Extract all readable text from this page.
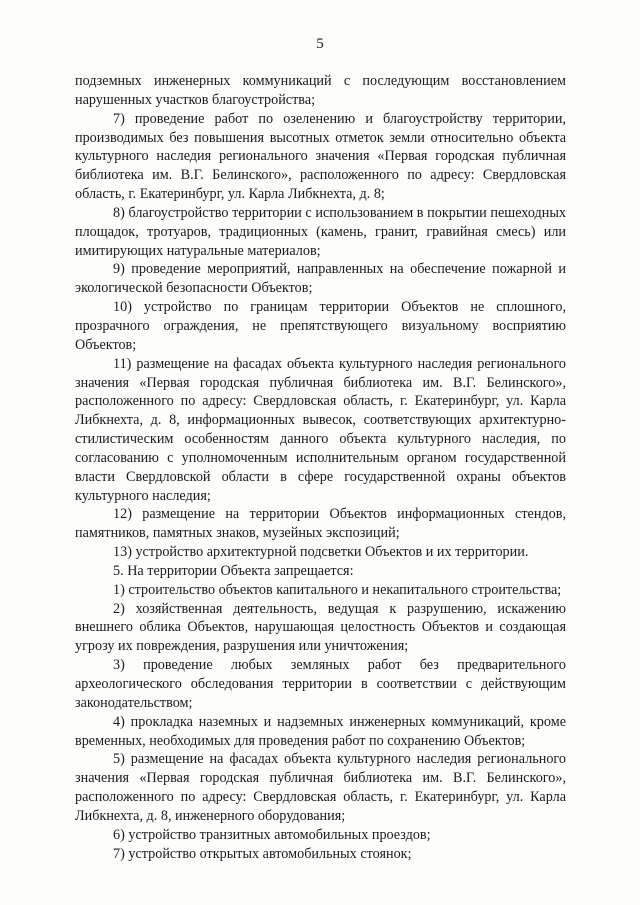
5

подземных инженерных коммуникаций с последующим восстановлением нарушенных участков благоустройства;

7) проведение работ по озеленению и благоустройству территории, производимых без повышения высотных отметок земли относительно объекта культурного наследия регионального значения «Первая городская публичная библиотека им. В.Г. Белинского», расположенного по адресу: Свердловская область, г. Екатеринбург, ул. Карла Либкнехта, д. 8;

8) благоустройство территории с использованием в покрытии пешеходных площадок, тротуаров, традиционных (камень, гранит, гравийная смесь) или имитирующих натуральные материалов;

9) проведение мероприятий, направленных на обеспечение пожарной и экологической безопасности Объектов;

10) устройство по границам территории Объектов не сплошного, прозрачного ограждения, не препятствующего визуальному восприятию Объектов;

11) размещение на фасадах объекта культурного наследия регионального значения «Первая городская публичная библиотека им. В.Г. Белинского», расположенного по адресу: Свердловская область, г. Екатеринбург, ул. Карла Либкнехта, д. 8, информационных вывесок, соответствующих архитектурно-стилистическим особенностям данного объекта культурного наследия, по согласованию с уполномоченным исполнительным органом государственной власти Свердловской области в сфере государственной охраны объектов культурного наследия;

12) размещение на территории Объектов информационных стендов, памятников, памятных знаков, музейных экспозиций;

13) устройство архитектурной подсветки Объектов и их территории.

5. На территории Объекта запрещается:

1) строительство объектов капитального и некапитального строительства;

2) хозяйственная деятельность, ведущая к разрушению, искажению внешнего облика Объектов, нарушающая целостность Объектов и создающая угрозу их повреждения, разрушения или уничтожения;

3) проведение любых земляных работ без предварительного археологического обследования территории в соответствии с действующим законодательством;

4) прокладка наземных и надземных инженерных коммуникаций, кроме временных, необходимых для проведения работ по сохранению Объектов;

5) размещение на фасадах объекта культурного наследия регионального значения «Первая городская публичная библиотека им. В.Г. Белинского», расположенного по адресу: Свердловская область, г. Екатеринбург, ул. Карла Либкнехта, д. 8, инженерного оборудования;

6) устройство транзитных автомобильных проездов;

7) устройство открытых автомобильных стоянок;
